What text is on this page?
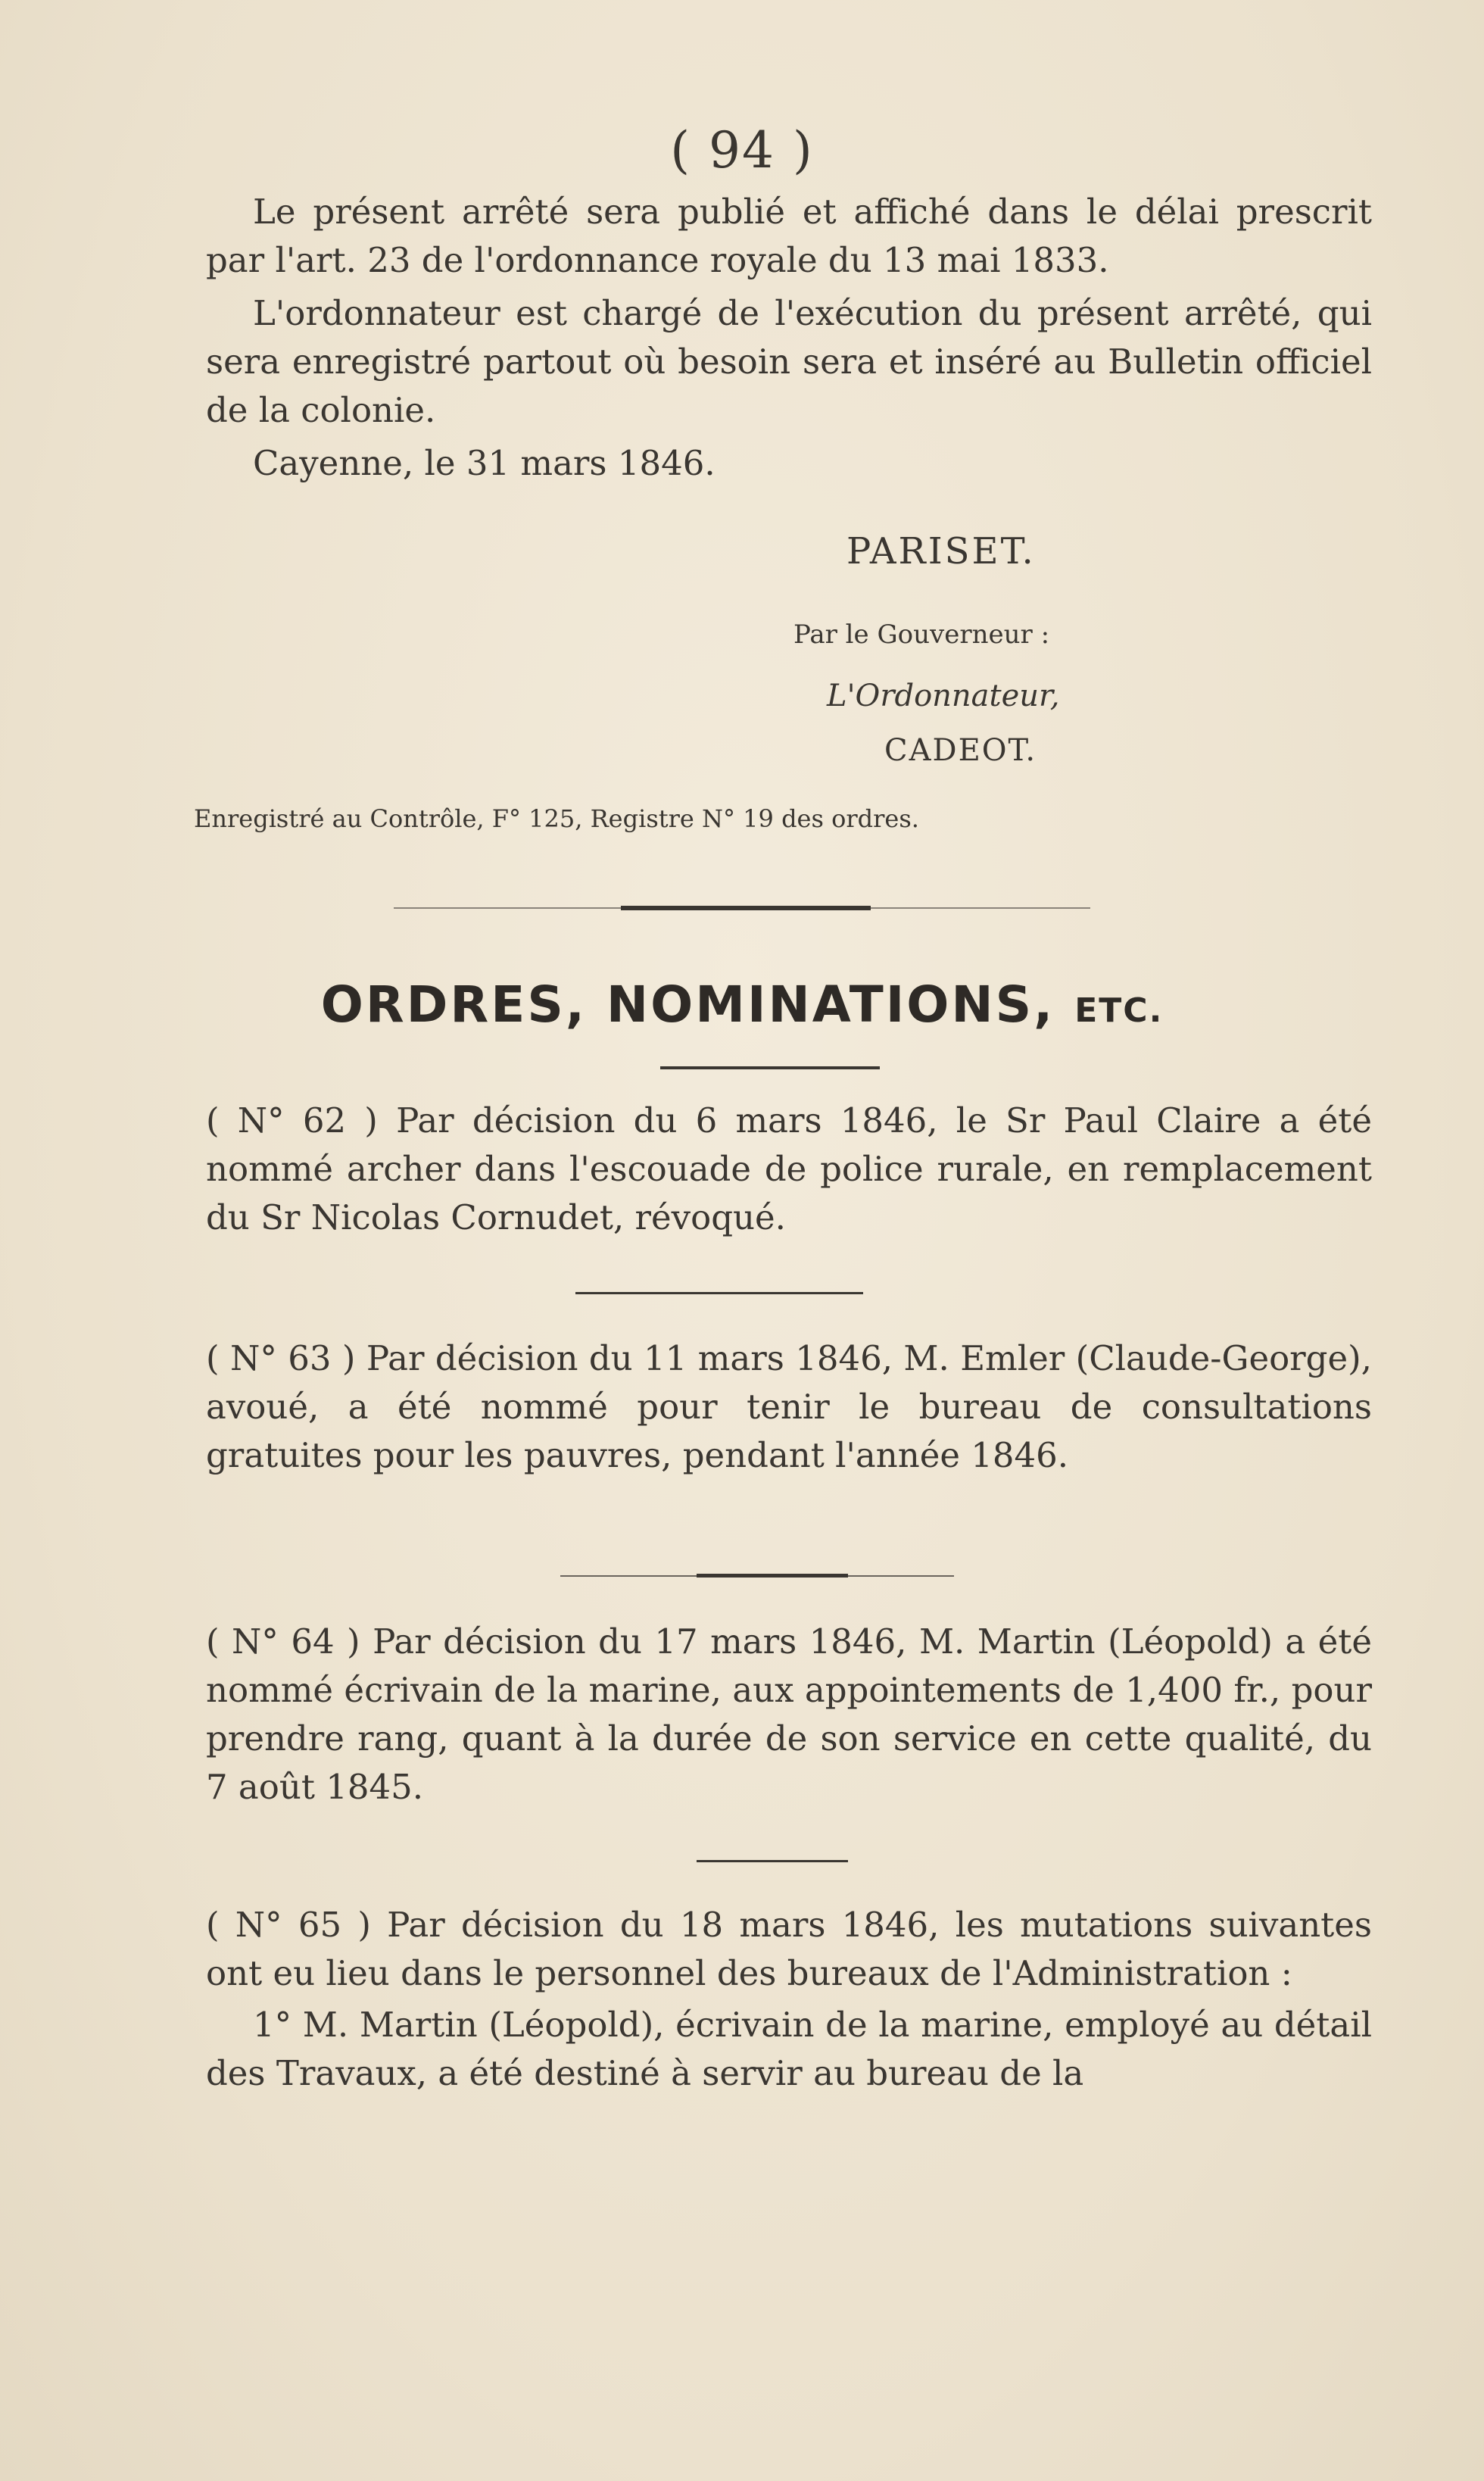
( 94 )

Le présent arrêté sera publié et affiché dans le délai prescrit par l'art. 23 de l'ordonnance royale du 13 mai 1833.

L'ordonnateur est chargé de l'exécution du présent arrêté, qui sera enregistré partout où besoin sera et inséré au Bulletin officiel de la colonie.

Cayenne, le 31 mars 1846.

PARISET.
Par le Gouverneur :
L'Ordonnateur,
CADEOT.
Enregistré au Contrôle, F° 125, Registre N° 19 des ordres.
ORDRES, NOMINATIONS, ETC.

( N° 62 ) Par décision du 6 mars 1846, le Sr Paul Claire a été nommé archer dans l'escouade de police rurale, en remplacement du Sr Nicolas Cornudet, révoqué.

( N° 63 ) Par décision du 11 mars 1846, M. Emler (Claude-George), avoué, a été nommé pour tenir le bureau de consultations gratuites pour les pauvres, pendant l'année 1846.

( N° 64 ) Par décision du 17 mars 1846, M. Martin (Léopold) a été nommé écrivain de la marine, aux appointements de 1,400 fr., pour prendre rang, quant à la durée de son service en cette qualité, du 7 août 1845.

( N° 65 ) Par décision du 18 mars 1846, les mutations suivantes ont eu lieu dans le personnel des bureaux de l'Administration :

1° M. Martin (Léopold), écrivain de la marine, employé au détail des Travaux, a été destiné à servir au bureau de la
